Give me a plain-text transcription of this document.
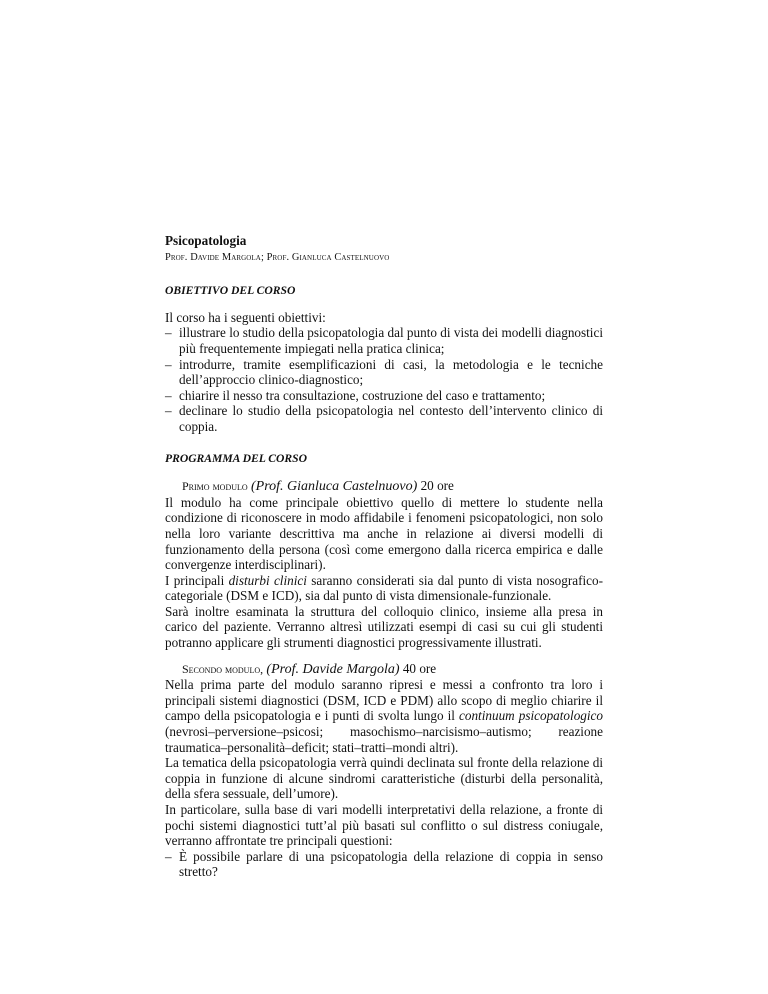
Psicopatologia
Prof. Davide Margola; Prof. Gianluca Castelnuovo
OBIETTIVO DEL CORSO

Il corso ha i seguenti obiettivi:

– illustrare lo studio della psicopatologia dal punto di vista dei modelli diagnostici più frequentemente impiegati nella pratica clinica;
– introdurre, tramite esemplificazioni di casi, la metodologia e le tecniche dell’approccio clinico-diagnostico;
– chiarire il nesso tra consultazione, costruzione del caso e trattamento;
– declinare lo studio della psicopatologia nel contesto dell’intervento clinico di coppia.
PROGRAMMA DEL CORSO
Primo modulo (Prof. Gianluca Castelnuovo) 20 ore

Il modulo ha come principale obiettivo quello di mettere lo studente nella condizione di riconoscere in modo affidabile i fenomeni psicopatologici, non solo nella loro variante descrittiva ma anche in relazione ai diversi modelli di funzionamento della persona (così come emergono dalla ricerca empirica e dalle convergenze interdisciplinari).

I principali disturbi clinici saranno considerati sia dal punto di vista nosografico-categoriale (DSM e ICD), sia dal punto di vista dimensionale-funzionale.

Sarà inoltre esaminata la struttura del colloquio clinico, insieme alla presa in carico del paziente. Verranno altresì utilizzati esempi di casi su cui gli studenti potranno applicare gli strumenti diagnostici progressivamente illustrati.

Secondo modulo, (Prof. Davide Margola) 40 ore

Nella prima parte del modulo saranno ripresi e messi a confronto tra loro i principali sistemi diagnostici (DSM, ICD e PDM) allo scopo di meglio chiarire il campo della psicopatologia e i punti di svolta lungo il continuum psicopatologico (nevrosi–perversione–psicosi; masochismo–narcisismo–autismo; reazione traumatica–personalità–deficit; stati–tratti–mondi altri).

La tematica della psicopatologia verrà quindi declinata sul fronte della relazione di coppia in funzione di alcune sindromi caratteristiche (disturbi della personalità, della sfera sessuale, dell’umore).

In particolare, sulla base di vari modelli interpretativi della relazione, a fronte di pochi sistemi diagnostici tutt’al più basati sul conflitto o sul distress coniugale, verranno affrontate tre principali questioni:

– È possibile parlare di una psicopatologia della relazione di coppia in senso stretto?
